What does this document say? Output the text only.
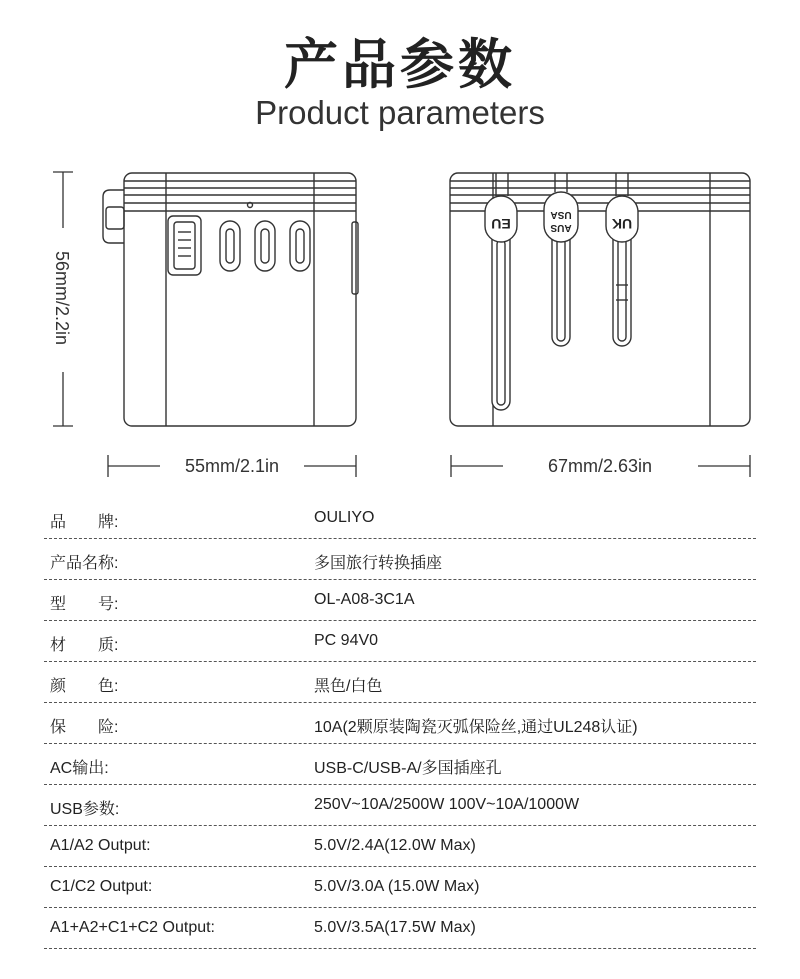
产品参数
Product parameters
56mm/2.2in
55mm/2.1in
EU	AUS
USA
UK
67mm/2.63in
品　　牌:	OULIYO
产品名称:	多国旅行转换插座
型　　号:	OL-A08-3C1A
材　　质:	PC 94V0
颜　　色:	黑色/白色
保　　险:	10A(2颗原装陶瓷灭弧保险丝,通过UL248认证)
AC输出:	USB-C/USB-A/多国插座孔
USB参数:	250V~10A/2500W 100V~10A/1000W
A1/A2 Output:	5.0V/2.4A(12.0W Max)
C1/C2 Output:	5.0V/3.0A (15.0W Max)
A1+A2+C1+C2 Output:	5.0V/3.5A(17.5W Max)
